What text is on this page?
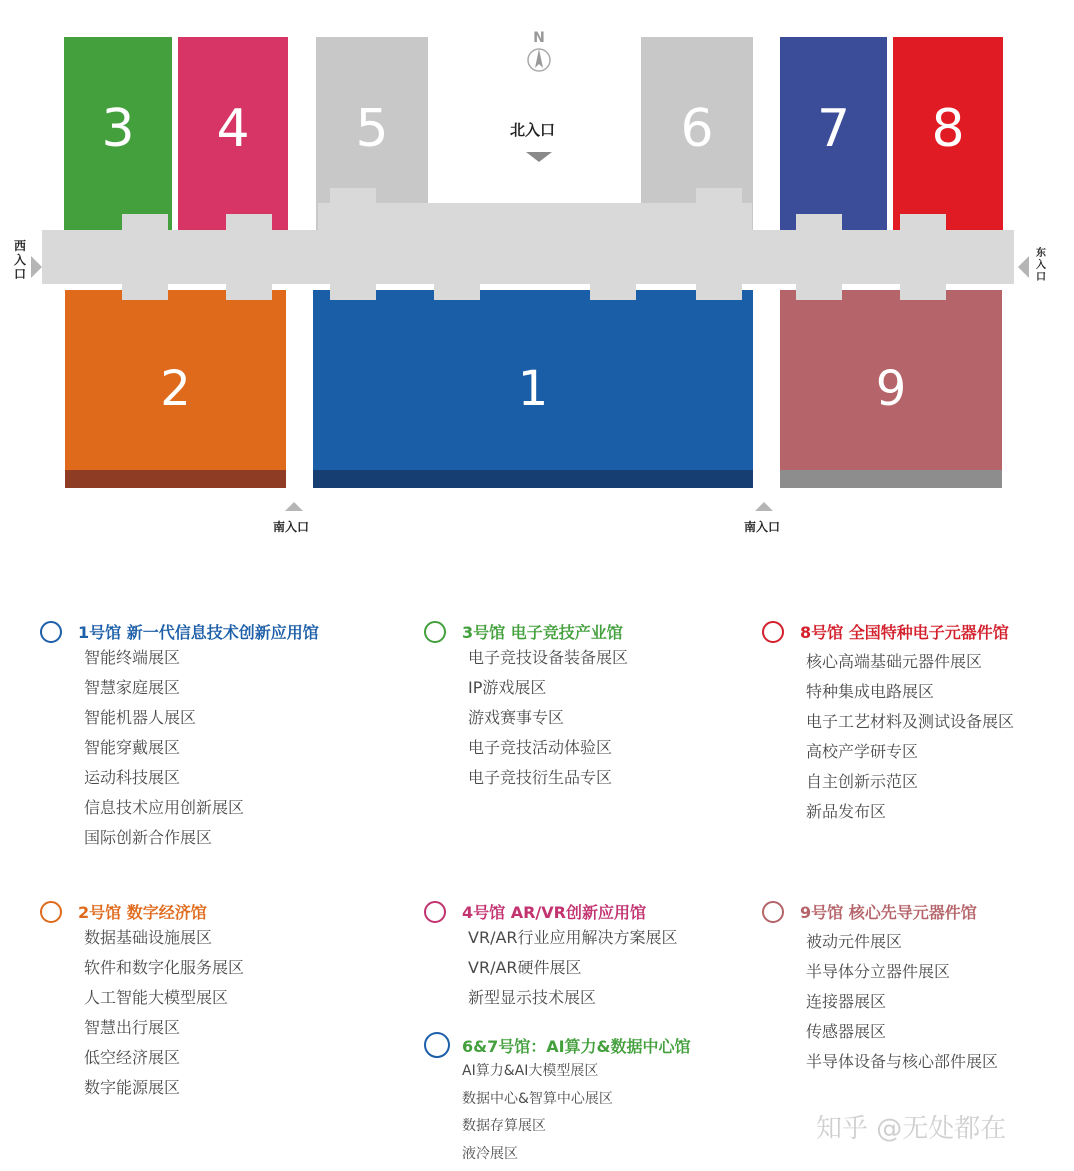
3 4 5	6 7 8
2	1	9
N
北入口
南入口	南入口
西
入
口
东
入
口
1号馆 新一代信息技术创新应用馆
智能终端展区
智慧家庭展区
智能机器人展区
智能穿戴展区
运动科技展区
信息技术应用创新展区
国际创新合作展区
3号馆 电子竞技产业馆
电子竞技设备装备展区
IP游戏展区
游戏赛事专区
电子竞技活动体验区
电子竞技衍生品专区
8号馆 全国特种电子元器件馆
核心高端基础元器件展区
特种集成电路展区
电子工艺材料及测试设备展区
高校产学研专区
自主创新示范区
新品发布区
2号馆 数字经济馆
数据基础设施展区
软件和数字化服务展区
人工智能大模型展区
智慧出行展区
低空经济展区
数字能源展区
4号馆 AR/VR创新应用馆
VR/AR行业应用解决方案展区
VR/AR硬件展区
新型显示技术展区
6&7号馆：AI算力&数据中心馆
AI算力&AI大模型展区
数据中心&智算中心展区
数据存算展区
液冷展区
9号馆 核心先导元器件馆
被动元件展区
半导体分立器件展区
连接器展区
传感器展区
半导体设备与核心部件展区
知乎 @无处都在
